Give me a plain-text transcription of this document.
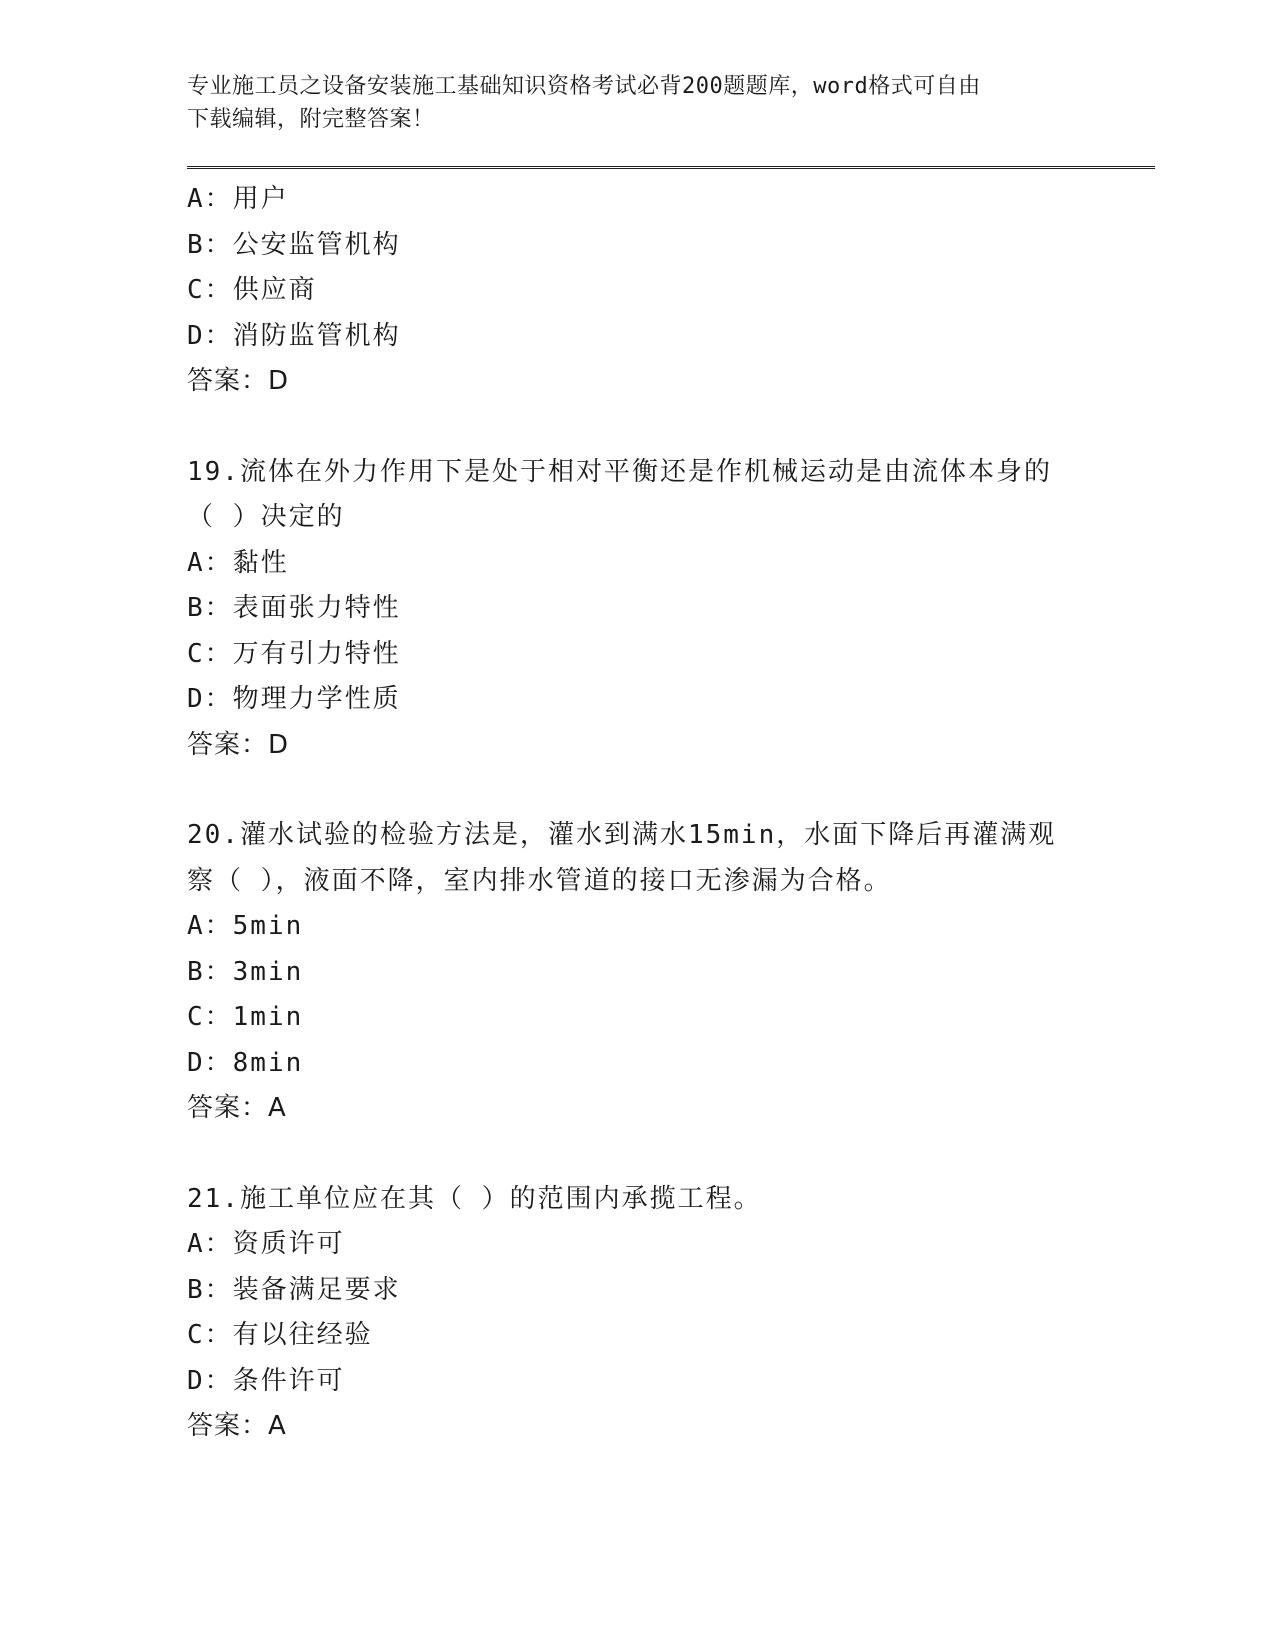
专业施工员之设备安装施工基础知识资格考试必背200题题库，word格式可自由
下载编辑，附完整答案！
A：用户
B：公安监管机构
C：供应商
D：消防监管机构
答案：D
19.流体在外力作用下是处于相对平衡还是作机械运动是由流体本身的
（ ）决定的
A：黏性
B：表面张力特性
C：万有引力特性
D：物理力学性质
答案：D
20.灌水试验的检验方法是，灌水到满水15min，水面下降后再灌满观
察（ ），液面不降，室内排水管道的接口无渗漏为合格。
A：5min
B：3min
C：1min
D：8min
答案：A
21.施工单位应在其（ ）的范围内承揽工程。
A：资质许可
B：装备满足要求
C：有以往经验
D：条件许可
答案：A
